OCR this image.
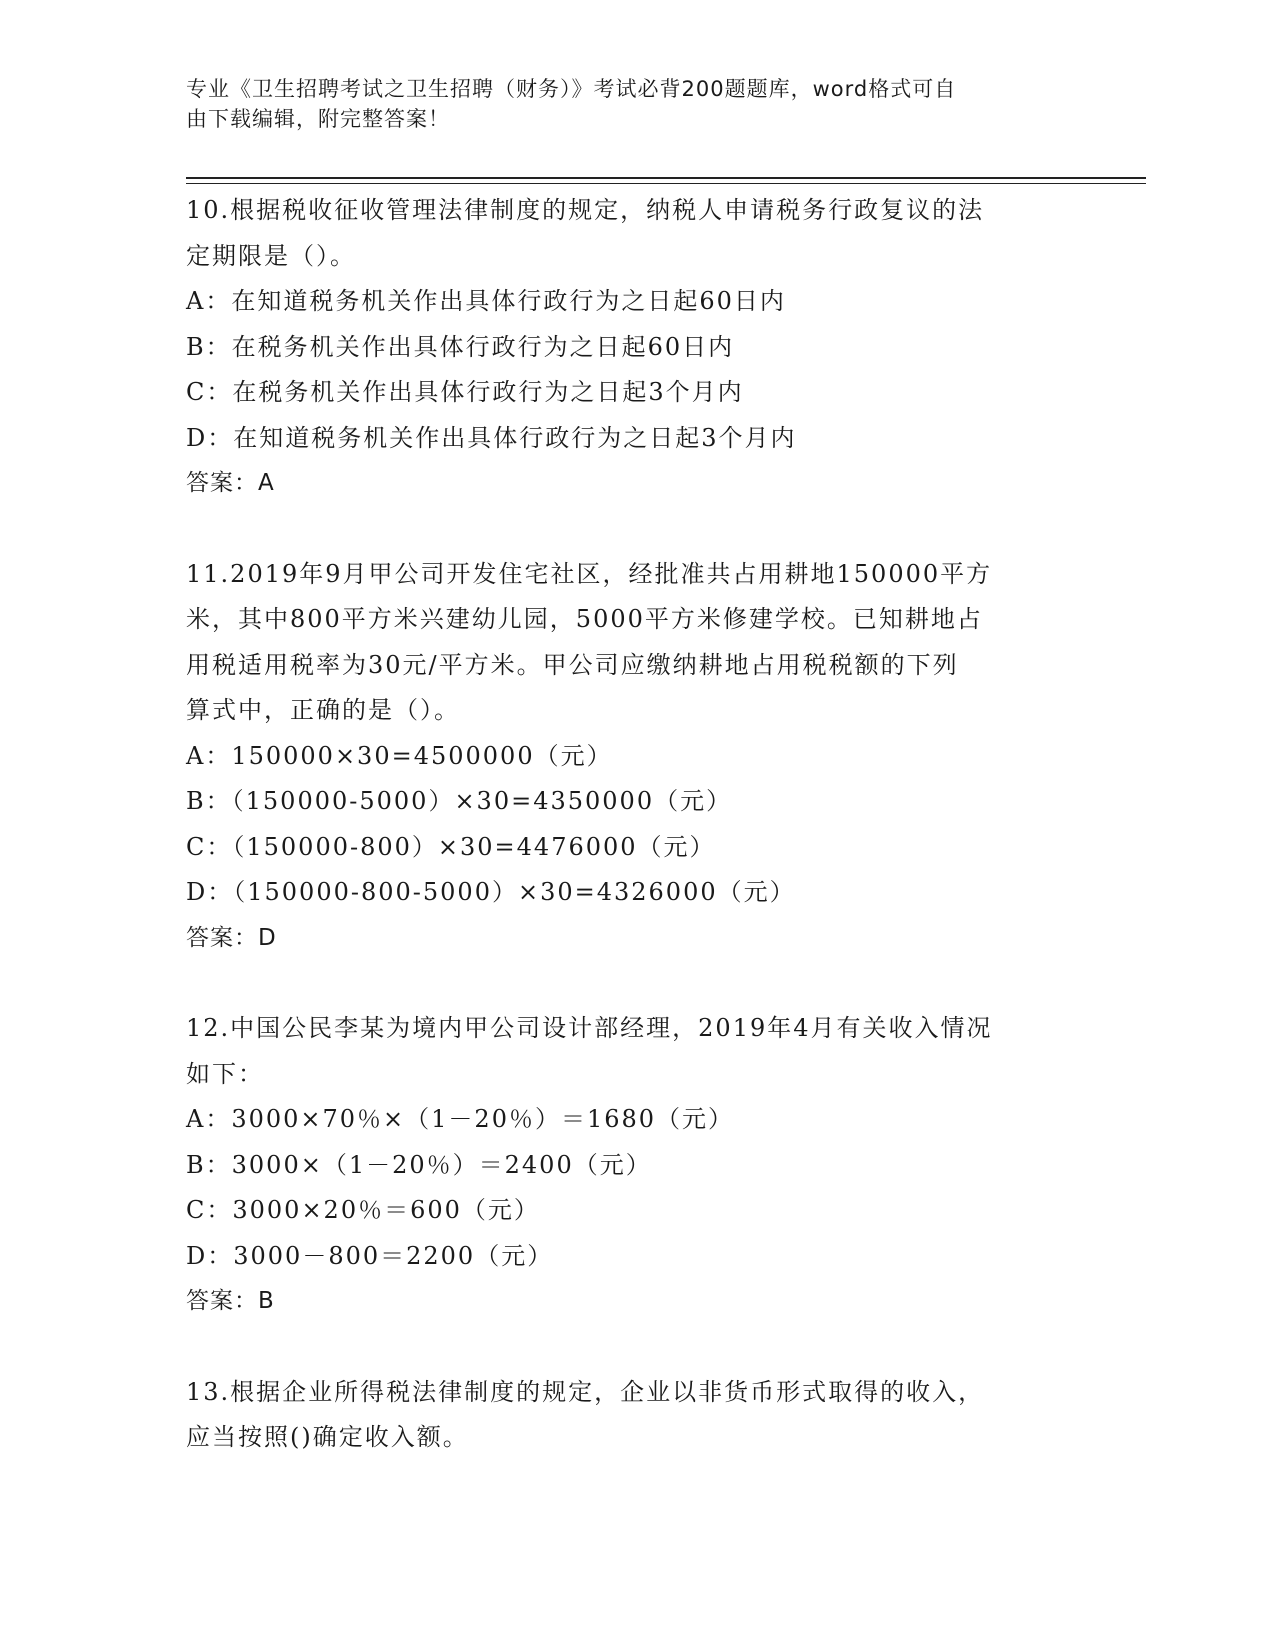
专业《卫生招聘考试之卫生招聘（财务）》考试必背200题题库，word格式可自
由下载编辑，附完整答案！
10.根据税收征收管理法律制度的规定，纳税人申请税务行政复议的法
定期限是（）。
A：在知道税务机关作出具体行政行为之日起60日内
B：在税务机关作出具体行政行为之日起60日内
C：在税务机关作出具体行政行为之日起3个月内
D：在知道税务机关作出具体行政行为之日起3个月内
答案：A
11.2019年9月甲公司开发住宅社区，经批准共占用耕地150000平方
米，其中800平方米兴建幼儿园，5000平方米修建学校。已知耕地占
用税适用税率为30元/平方米。甲公司应缴纳耕地占用税税额的下列
算式中，正确的是（）。
A：150000×30=4500000（元）
B：（150000-5000）×30=4350000（元）
C：（150000-800）×30=4476000（元）
D：（150000-800-5000）×30=4326000（元）
答案：D
12.中国公民李某为境内甲公司设计部经理，2019年4月有关收入情况
如下：
A：3000×70％×（1－20％）＝1680（元）
B：3000×（1－20％）＝2400（元）
C：3000×20％＝600（元）
D：3000－800＝2200（元）
答案：B
13.根据企业所得税法律制度的规定，企业以非货币形式取得的收入，
应当按照()确定收入额。
